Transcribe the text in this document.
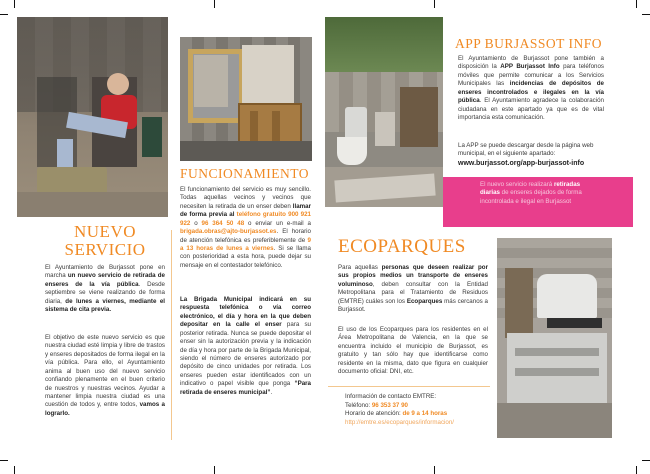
NUEVO
SERVICIO
El Ayuntamiento de Burjassot pone en marcha un nuevo servicio de retirada de enseres de la vía pública. Desde septiembre se viene realizando de forma diaria, de lunes a viernes, mediante el sistema de cita previa.
El objetivo de este nuevo servicio es que nuestra ciudad esté limpia y libre de trastos y enseres depositados de forma ilegal en la vía pública. Para ello, el Ayuntamiento anima al buen uso del nuevo servicio confiando plenamente en el buen criterio de nuestros y nuestras vecinos. Ayudar a mantener limpia nuestra ciudad es una cuestión de todos y, entre todos, vamos a lograrlo.
FUNCIONAMIENTO
El funcionamiento del servicio es muy sencillo. Todas aquellas vecinos y vecinos que necesiten la retirada de un enser deben llamar de forma previa al teléfono gratuito 900 921 922 o 96 364 50 48 o enviar un e-mail a brigada.obras@ajto-burjassot.es. El horario de atención telefónica es preferiblemente de 9 a 13 horas de lunes a viernes. Si se llama con posterioridad a esta hora, puede dejar su mensaje en el contestador telefónico.
La Brigada Municipal indicará en su respuesta telefónica o vía correo electrónico, el día y hora en la que deben depositar en la calle el enser para su posterior retirada. Nunca se puede depositar el enser sin la autorización previa y la indicación de día y hora por parte de la Brigada Municipal, siendo el número de enseres autorizado por depósito de cinco unidades por retirada. Los enseres pueden estar identificados con un indicativo o papel visible que ponga “Para retirada de enseres municipal”.
APP BURJASSOT INFO
El Ayuntamiento de Burjassot pone también a disposición la APP Burjassot Info para teléfonos móviles que permite comunicar a los Servicios Municipales las incidencias de depósitos de enseres incontrolados e ilegales en la vía pública. El Ayuntamiento agradece la colaboración ciudadana en este apartado ya que es de vital importancia esta comunicación.
La APP se puede descargar desde la página web municipal, en el siguiente apartado:
www.burjassot.org/app-burjassot-info
El nuevo servicio realizará retiradas diarias de enseres dejados de forma incontrolada e ilegal en Burjassot
ECOPARQUES
Para aquellas personas que deseen realizar por sus propios medios un transporte de enseres voluminoso, deben consultar con la Entidad Metropolitana para el Tratamiento de Residuos (EMTRE) cuáles son los Ecoparques más cercanos a Burjassot.
El uso de los Ecoparques para los residentes en el Área Metropolitana de Valencia, en la que se encuentra incluido el municipio de Burjassot, es gratuito y tan sólo hay que identificarse como residente en la misma, dato que figura en cualquier documento oficial: DNI, etc.
Información de contacto EMTRE:
Teléfono: 96 353 37 90
Horario de atención: de 9 a 14 horas
http://emtre.es/ecoparques/informacion/
